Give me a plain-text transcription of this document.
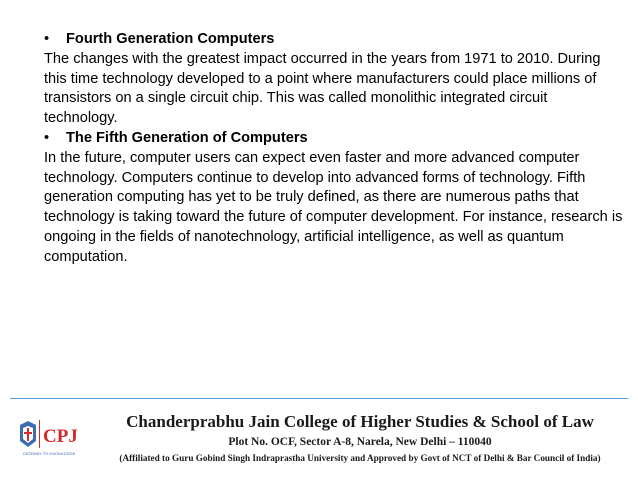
•	Fourth Generation Computers

The changes with the greatest impact occurred in the years from 1971 to 2010. During this time technology developed to a point where manufacturers could place millions of transistors on a single circuit chip. This was called monolithic integrated circuit technology.

•	The Fifth Generation of Computers

In the future, computer users can expect even faster and more advanced computer technology. Computers continue to develop into advanced forms of technology. Fifth generation computing has yet to be truly defined, as there are numerous paths that technology is taking toward the future of computer development. For instance, research is ongoing in the fields of nanotechnology, artificial intelligence, as well as quantum computation.

CPJ
GATEWAY TO KNOWLEDGE
Chanderprabhu Jain College of Higher Studies & School of Law
Plot No. OCF, Sector A-8, Narela, New Delhi – 110040
(Affiliated to Guru Gobind Singh Indraprastha University and Approved by Govt of NCT of Delhi & Bar Council of India)
